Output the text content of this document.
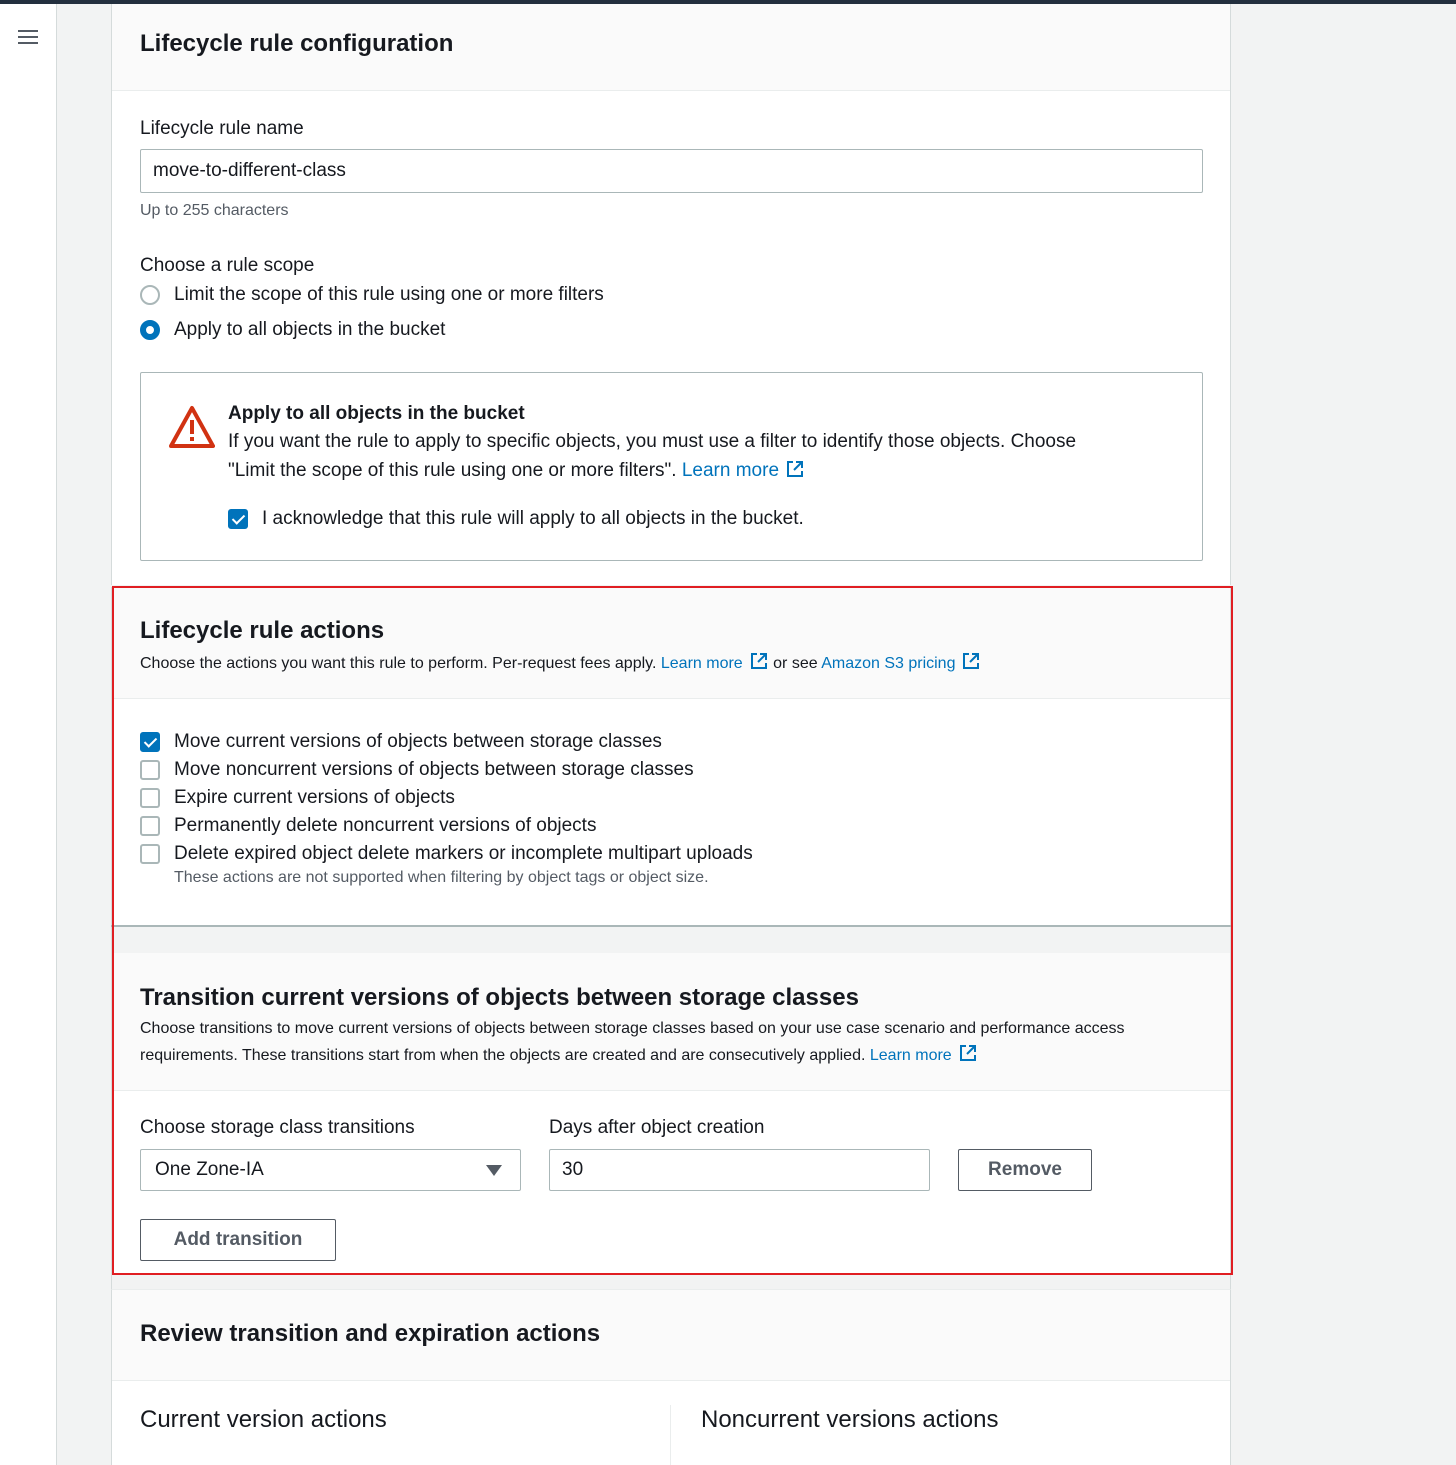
Lifecycle rule configuration
Lifecycle rule name
move-to-different-class
Up to 255 characters
Choose a rule scope
Limit the scope of this rule using one or more filters
Apply to all objects in the bucket
Apply to all objects in the bucket
If you want the rule to apply to specific objects, you must use a filter to identify those objects. Choose
"Limit the scope of this rule using one or more filters". Learn more
I acknowledge that this rule will apply to all objects in the bucket.
Lifecycle rule actions
Choose the actions you want this rule to perform. Per-request fees apply. Learn more or see Amazon S3 pricing
Move current versions of objects between storage classes
Move noncurrent versions of objects between storage classes
Expire current versions of objects
Permanently delete noncurrent versions of objects
Delete expired object delete markers or incomplete multipart uploads
These actions are not supported when filtering by object tags or object size.
Transition current versions of objects between storage classes
Choose transitions to move current versions of objects between storage classes based on your use case scenario and performance access
requirements. These transitions start from when the objects are created and are consecutively applied. Learn more
Choose storage class transitions
One Zone-IA
Days after object creation
30
Remove
Add transition
Review transition and expiration actions
Current version actions	Noncurrent versions actions
